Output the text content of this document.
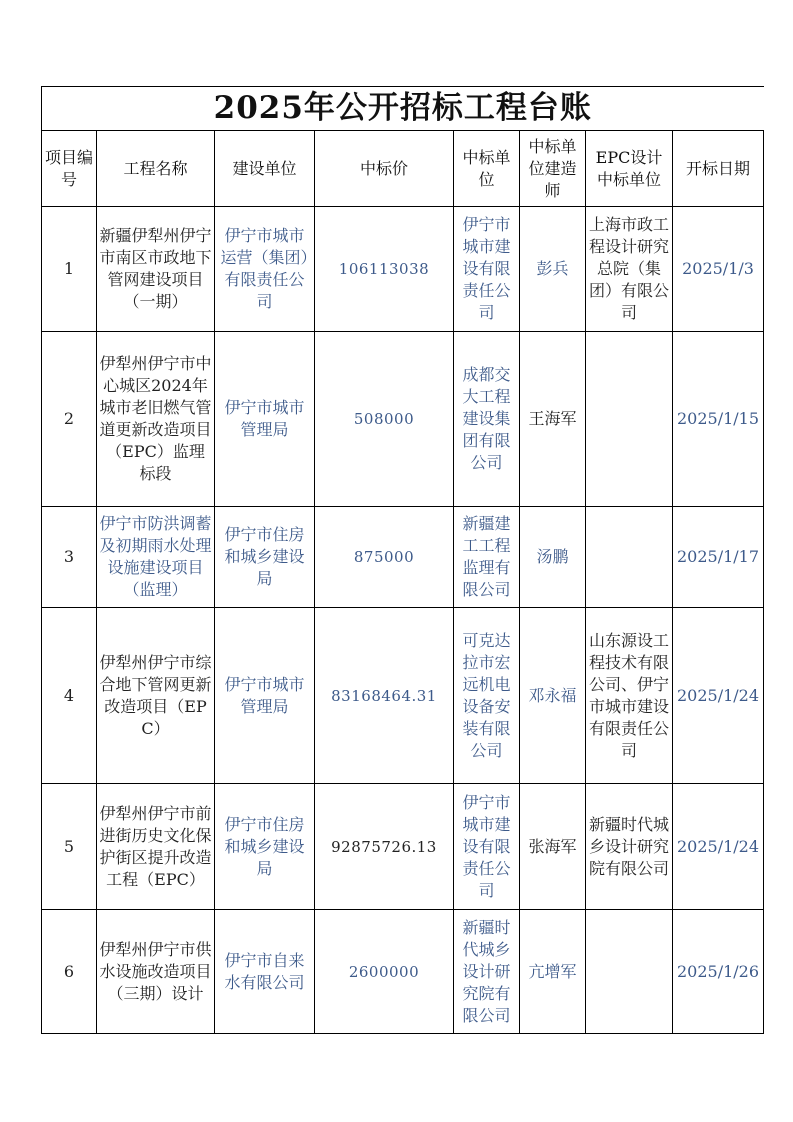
2025年公开招标工程台账							
项目编号	工程名称	建设单位	中标价	中标单位	中标单位建造师	EPC设计中标单位	开标日期
1	新疆伊犁州伊宁市南区市政地下管网建设项目（一期）	伊宁市城市运营（集团）有限责任公司	106113038	伊宁市城市建设有限责任公司	彭兵	上海市政工程设计研究总院（集团）有限公司	2025/1/3
2	伊犁州伊宁市中心城区2024年城市老旧燃气管道更新改造项目（EPC）监理标段	伊宁市城市管理局	508000	成都交大工程建设集团有限公司	王海军		2025/1/15
3	伊宁市防洪调蓄及初期雨水处理设施建设项目（监理）	伊宁市住房和城乡建设局	875000	新疆建工工程监理有限公司	汤鹏		2025/1/17
4	伊犁州伊宁市综合地下管网更新改造项目（EPC）	伊宁市城市管理局	83168464.31	可克达拉市宏远机电设备安装有限公司	邓永福	山东源设工程技术有限公司、伊宁市城市建设有限责任公司	2025/1/24
5	伊犁州伊宁市前进街历史文化保护街区提升改造工程（EPC）	伊宁市住房和城乡建设局	92875726.13	伊宁市城市建设有限责任公司	张海军	新疆时代城乡设计研究院有限公司	2025/1/24
6	伊犁州伊宁市供水设施改造项目（三期）设计	伊宁市自来水有限公司	2600000	新疆时代城乡设计研究院有限公司	亢增军		2025/1/26
